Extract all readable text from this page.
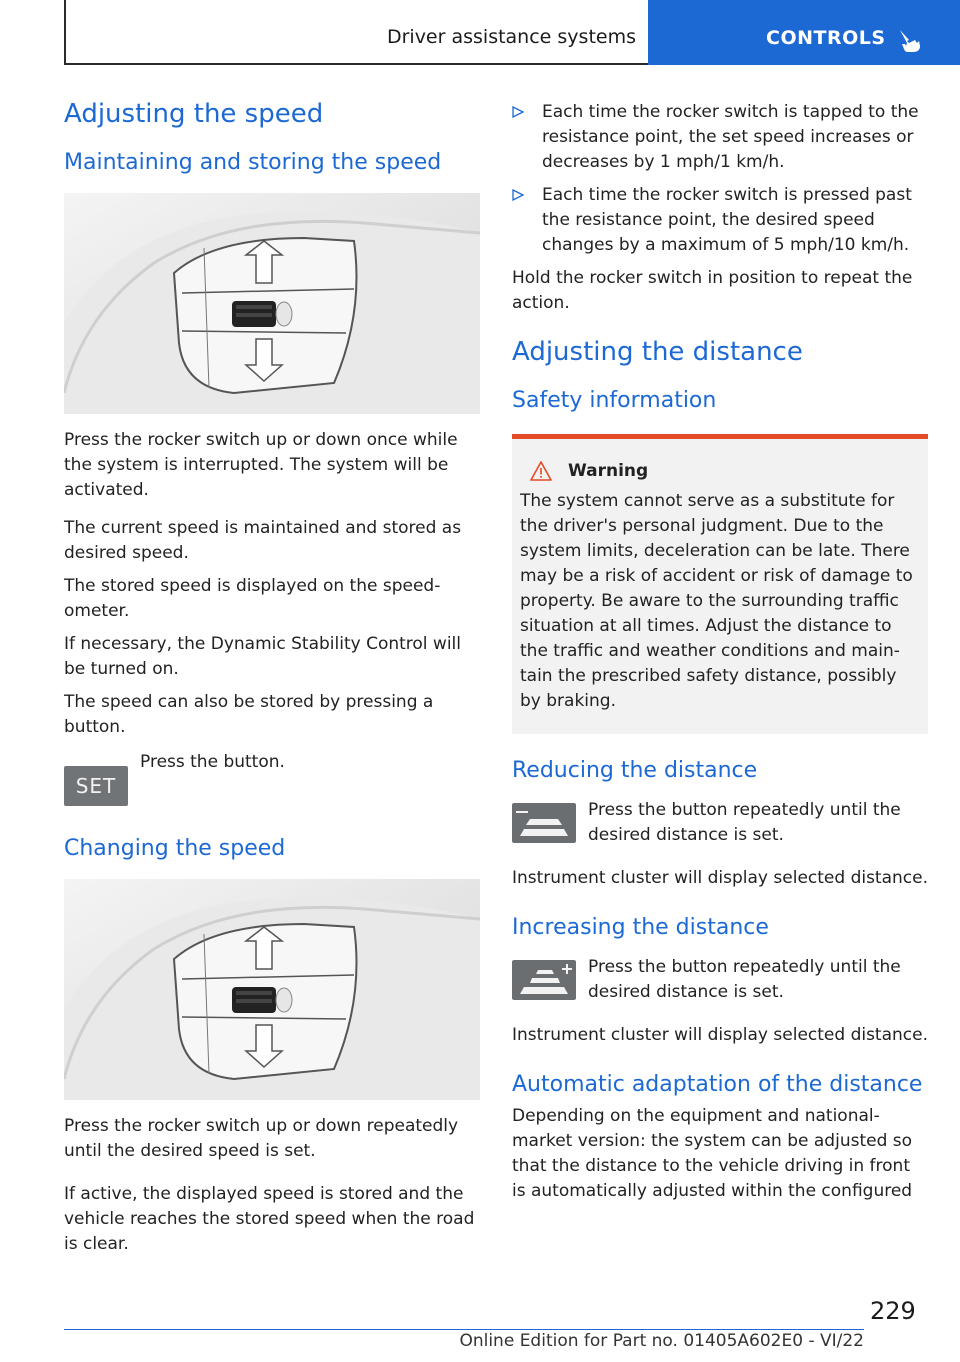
Driver assistance systems	CONTROLS
Adjusting the speed
Maintaining and storing the speed

Press the rocker switch up or down once while the system is interrupted. The system will be activated.

The current speed is maintained and stored as desired speed.

The stored speed is displayed on the speedometer.

If necessary, the Dynamic Stability Control will be turned on.

The speed can also be stored by pressing a button.

SET

Press the button.

Changing the speed

Press the rocker switch up or down repeatedly until the desired speed is set.

If active, the displayed speed is stored and the vehicle reaches the stored speed when the road is clear.

Each time the rocker switch is tapped to the resistance point, the set speed increases or decreases by 1 mph/1 km/h.
Each time the rocker switch is pressed past the resistance point, the desired speed changes by a maximum of 5 mph/10 km/h.

Hold the rocker switch in position to repeat the action.

Adjusting the distance
Safety information
Warning

The system cannot serve as a substitute for the driver's personal judgment. Due to the system limits, deceleration can be late. There may be a risk of accident or risk of damage to property. Be aware to the surrounding traffic situation at all times. Adjust the distance to the traffic and weather conditions and maintain the prescribed safety distance, possibly by braking.

Reducing the distance

Press the button repeatedly until the desired distance is set.

Instrument cluster will display selected distance.

Increasing the distance

Press the button repeatedly until the desired distance is set.

Instrument cluster will display selected distance.

Automatic adaptation of the distance

Depending on the equipment and national-market version: the system can be adjusted so that the distance to the vehicle driving in front is automatically adjusted within the configured

229
Online Edition for Part no. 01405A602E0 - VI/22
